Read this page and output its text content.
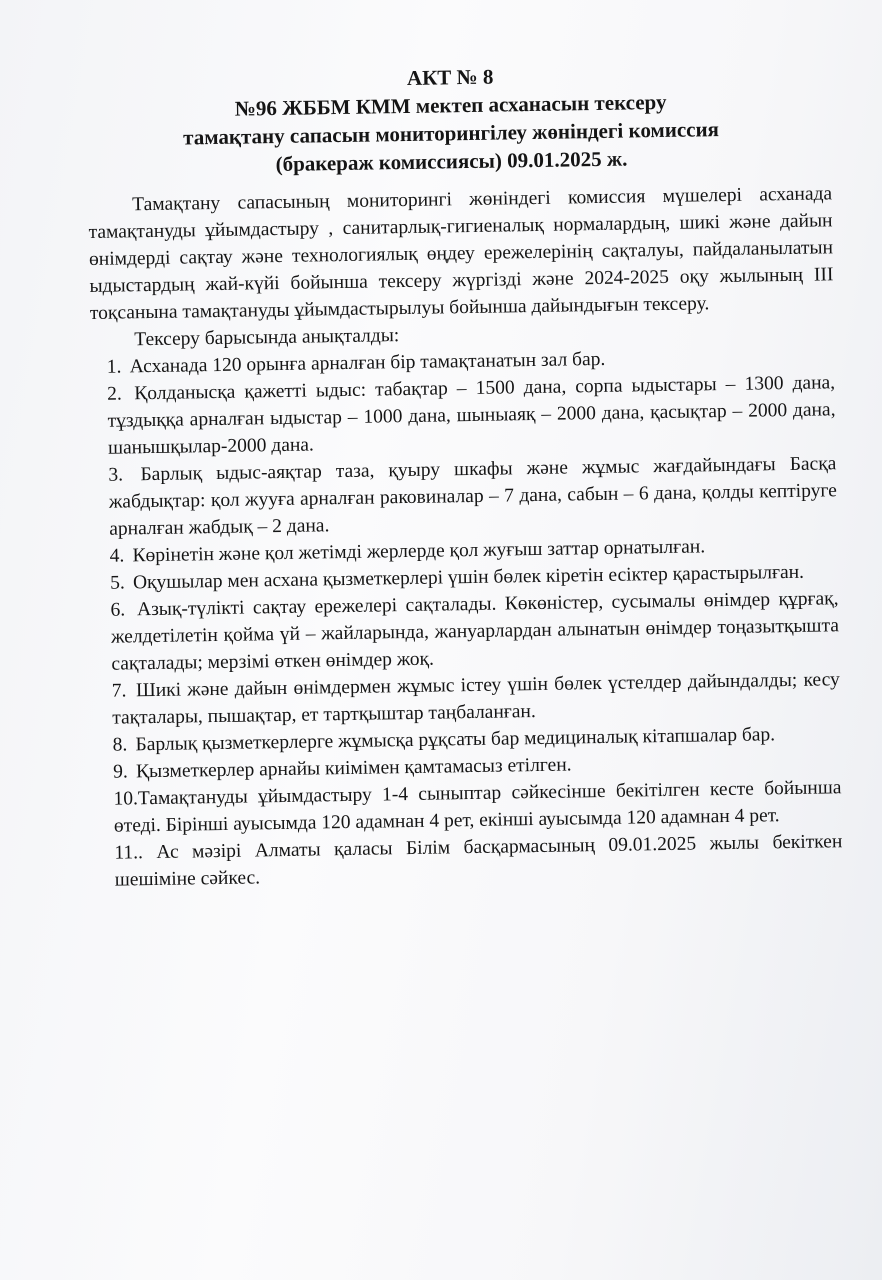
АКТ № 8
№96 ЖББМ КММ мектеп асханасын тексеру
тамақтану сапасын мониторингілеу жөніндегі комиссия
(бракераж комиссиясы) 09.01.2025 ж.

Тамақтану сапасының мониторингі жөніндегі комиссия мүшелері асханада тамақтануды ұйымдастыру , санитарлық-гигиеналық нормалардың, шикі және дайын өнімдерді сақтау және технологиялық өңдеу ережелерінің сақталуы, пайдаланылатын ыдыстардың жай-күйі бойынша тексеру жүргізді және 2024-2025 оқу жылының III тоқсанына тамақтануды ұйымдастырылуы бойынша дайындығын тексеру.

Тексеру барысында анықталды:

1. Асханада 120 орынға арналған бір тамақтанатын зал бар.
2. Қолданысқа қажетті ыдыс: табақтар – 1500 дана, сорпа ыдыстары – 1300 дана, тұздыққа арналған ыдыстар – 1000 дана, шыныаяқ – 2000 дана, қасықтар – 2000 дана, шанышқылар-2000 дана.
3. Барлық ыдыс-аяқтар таза, қуыру шкафы және жұмыс жағдайындағы Басқа жабдықтар: қол жууға арналған раковиналар – 7 дана, сабын – 6 дана, қолды кептіруге арналған жабдық – 2 дана.
4. Көрінетін және қол жетімді жерлерде қол жуғыш заттар орнатылған.
5. Оқушылар мен асхана қызметкерлері үшін бөлек кіретін есіктер қарастырылған.
6. Азық-түлікті сақтау ережелері сақталады. Көкөністер, сусымалы өнімдер құрғақ, желдетілетін қойма үй – жайларында, жануарлардан алынатын өнімдер тоңазытқышта сақталады; мерзімі өткен өнімдер жоқ.
7. Шикі және дайын өнімдермен жұмыс істеу үшін бөлек үстелдер дайындалды; кесу тақталары, пышақтар, ет тартқыштар таңбаланған.
8. Барлық қызметкерлерге жұмысқа рұқсаты бар медициналық кітапшалар бар.
9. Қызметкерлер арнайы киімімен қамтамасыз етілген.
10.Тамақтануды ұйымдастыру 1-4 сыныптар сәйкесінше бекітілген кесте бойынша өтеді. Бірінші ауысымда 120 адамнан 4 рет, екінші ауысымда 120 адамнан 4 рет.
11.. Ас мәзірі Алматы қаласы Білім басқармасының 09.01.2025 жылы бекіткен шешіміне сәйкес.
